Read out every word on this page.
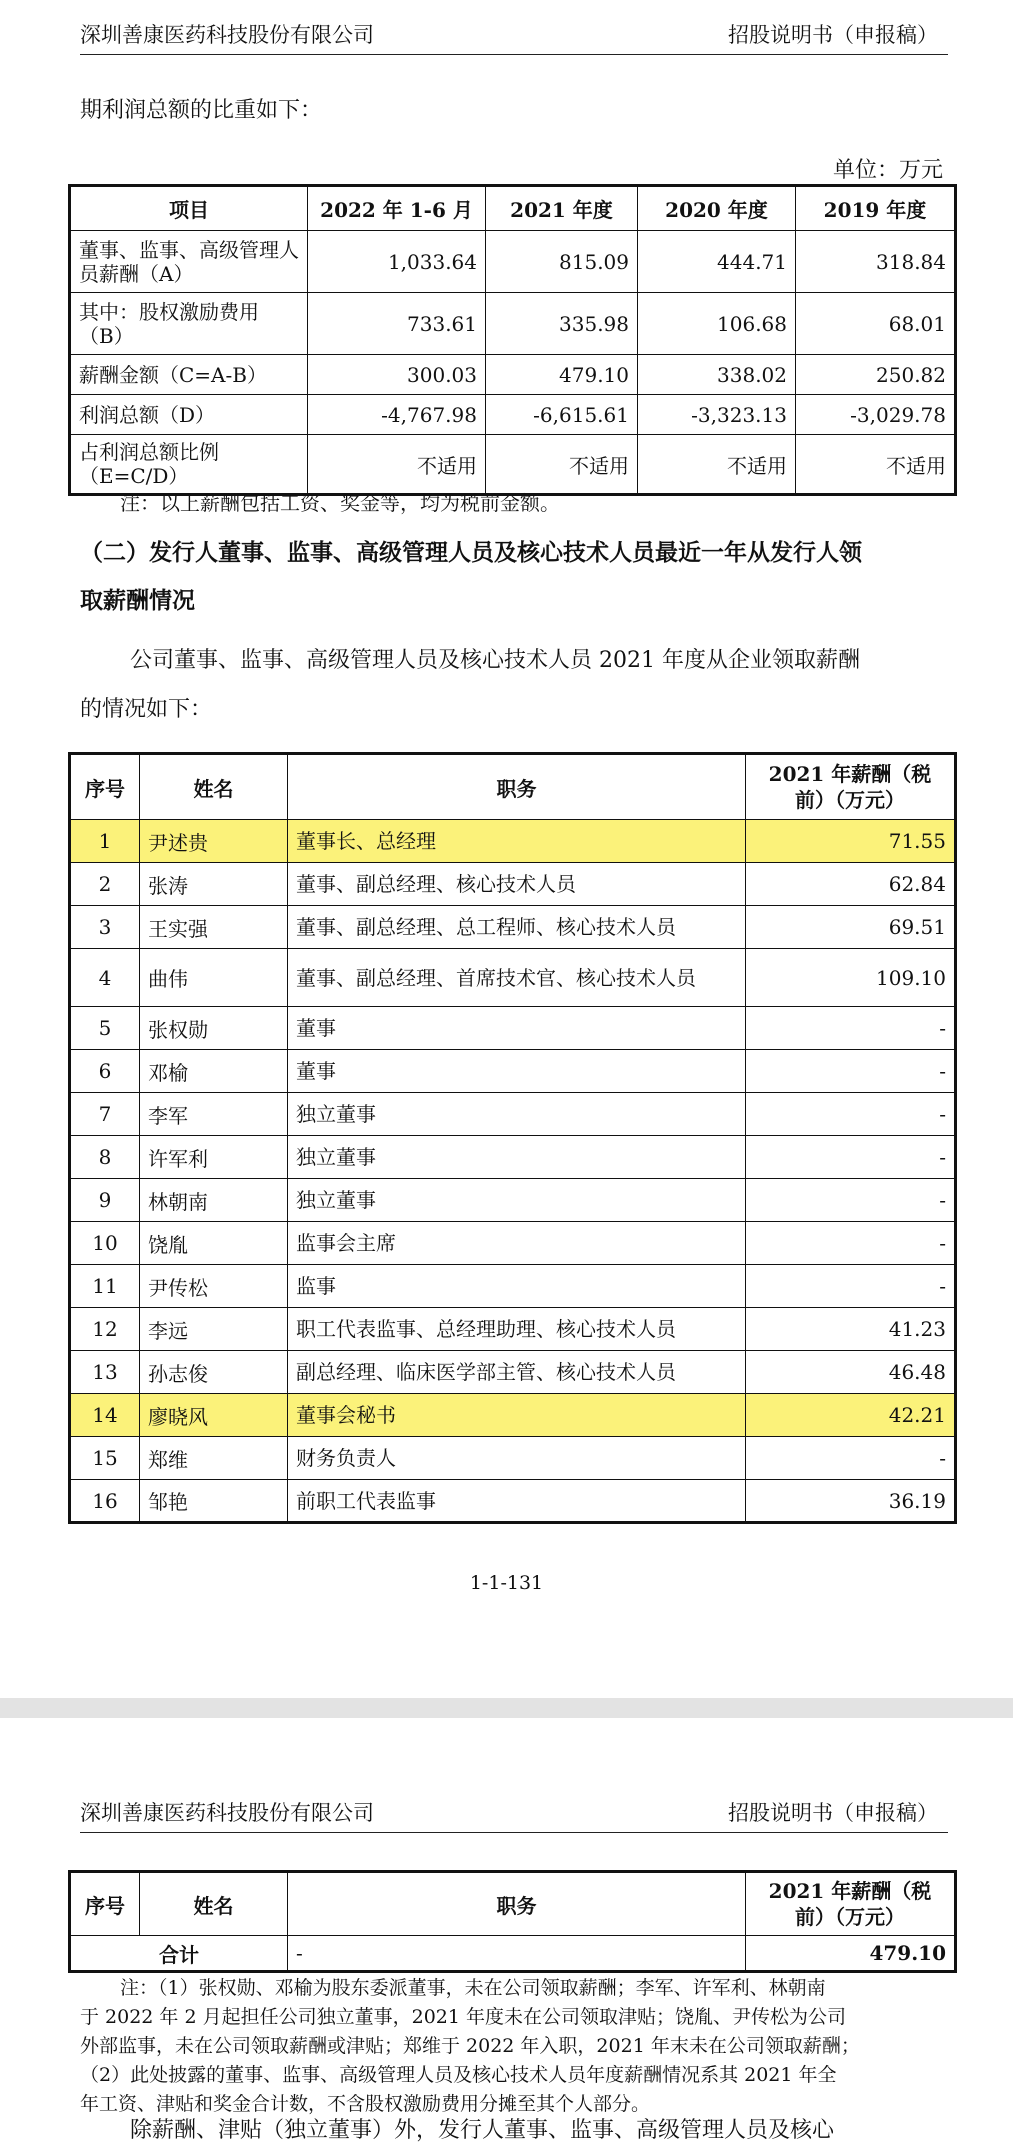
深圳善康医药科技股份有限公司	招股说明书（申报稿）
期利润总额的比重如下：
单位：万元
项目	2022 年 1-6 月	2021 年度	2020 年度	2019 年度
董事、监事、高级管理人员薪酬（A）	1,033.64	815.09	444.71	318.84
其中：股权激励费用（B）	733.61	335.98	106.68	68.01
薪酬金额（C=A-B）	300.03	479.10	338.02	250.82
利润总额（D）	-4,767.98	-6,615.61	-3,323.13	-3,029.78
占利润总额比例（E=C/D）	不适用	不适用	不适用	不适用
注：以上薪酬包括工资、奖金等，均为税前金额。
（二）发行人董事、监事、高级管理人员及核心技术人员最近一年从发行人领
取薪酬情况
公司董事、监事、高级管理人员及核心技术人员 2021 年度从企业领取薪酬
的情况如下：
序号	姓名	职务	2021 年薪酬（税前）（万元）
1	尹述贵	董事长、总经理	71.55
2	张涛	董事、副总经理、核心技术人员	62.84
3	王实强	董事、副总经理、总工程师、核心技术人员	69.51
4	曲伟	董事、副总经理、首席技术官、核心技术人员	109.10
5	张权勋	董事	-
6	邓榆	董事	-
7	李军	独立董事	-
8	许军利	独立董事	-
9	林朝南	独立董事	-
10	饶胤	监事会主席	-
11	尹传松	监事	-
12	李远	职工代表监事、总经理助理、核心技术人员	41.23
13	孙志俊	副总经理、临床医学部主管、核心技术人员	46.48
14	廖晓风	董事会秘书	42.21
15	郑维	财务负责人	-
16	邹艳	前职工代表监事	36.19
1-1-131
深圳善康医药科技股份有限公司	招股说明书（申报稿）
序号	姓名	职务	2021 年薪酬（税前）（万元）
合计		-	479.10
注：（1）张权勋、邓榆为股东委派董事，未在公司领取薪酬；李军、许军利、林朝南
于 2022 年 2 月起担任公司独立董事，2021 年度未在公司领取津贴；饶胤、尹传松为公司
外部监事，未在公司领取薪酬或津贴；郑维于 2022 年入职，2021 年末未在公司领取薪酬；
（2）此处披露的董事、监事、高级管理人员及核心技术人员年度薪酬情况系其 2021 年全
年工资、津贴和奖金合计数，不含股权激励费用分摊至其个人部分。
除薪酬、津贴（独立董事）外，发行人董事、监事、高级管理人员及核心
